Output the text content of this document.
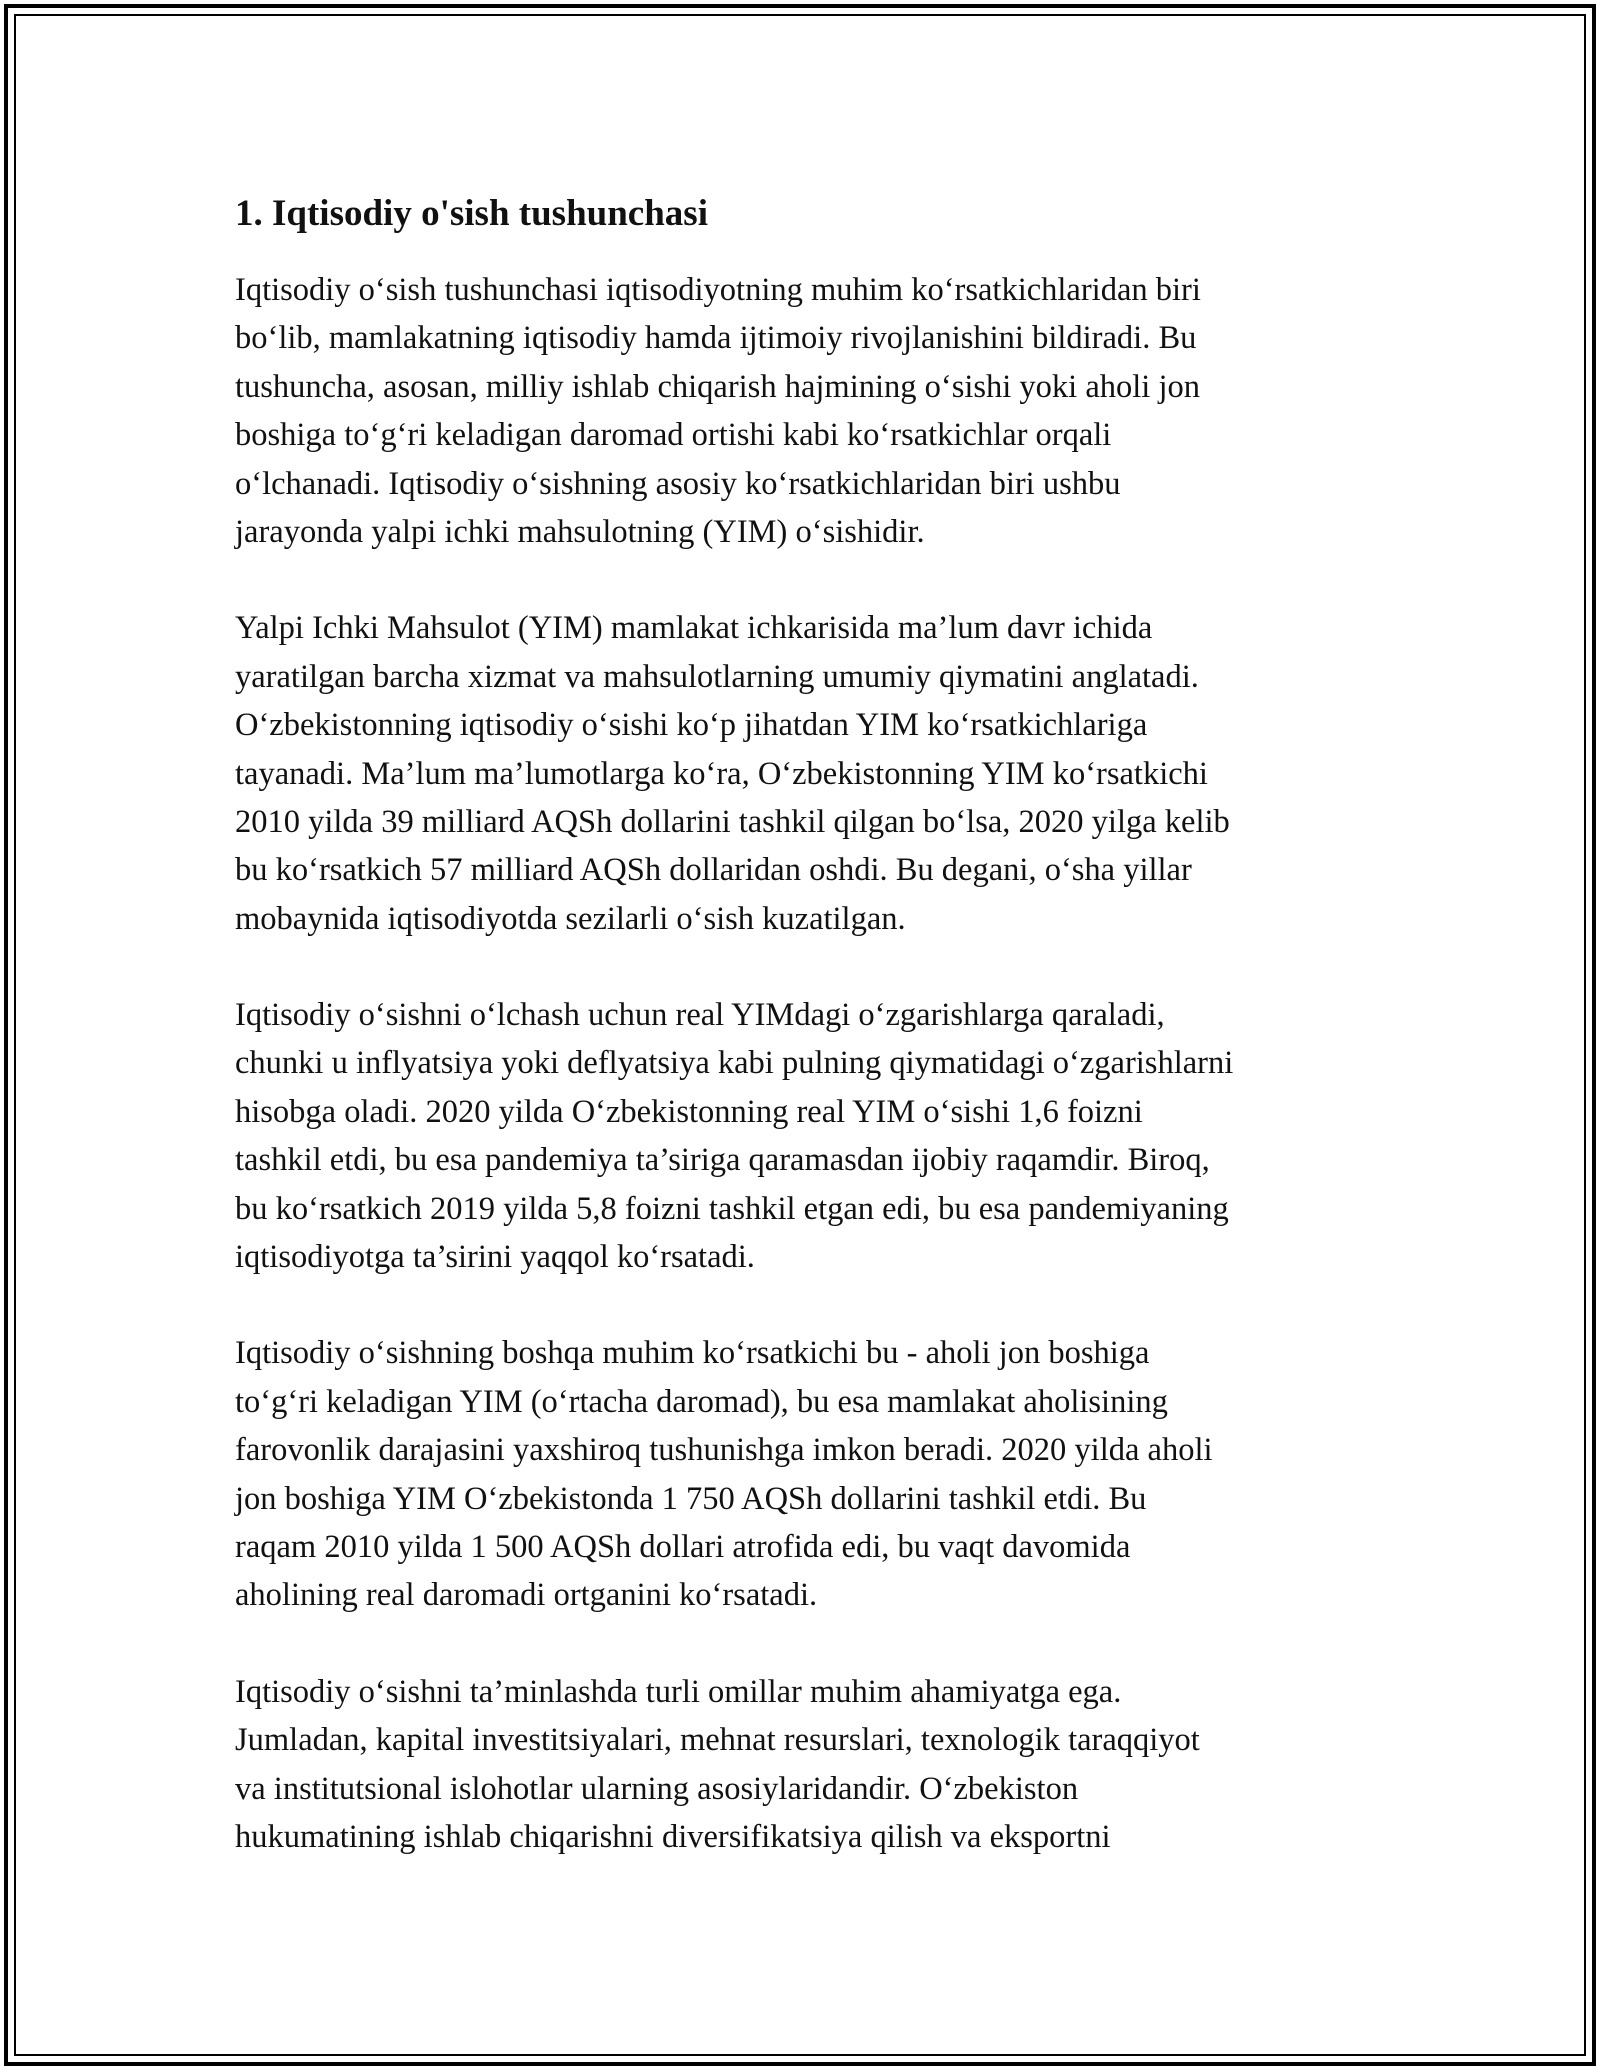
1. Iqtisodiy o'sish tushunchasi

Iqtisodiy o‘sish tushunchasi iqtisodiyotning muhim ko‘rsatkichlaridan biri
bo‘lib, mamlakatning iqtisodiy hamda ijtimoiy rivojlanishini bildiradi. Bu
tushuncha, asosan, milliy ishlab chiqarish hajmining o‘sishi yoki aholi jon
boshiga to‘g‘ri keladigan daromad ortishi kabi ko‘rsatkichlar orqali
o‘lchanadi. Iqtisodiy o‘sishning asosiy ko‘rsatkichlaridan biri ushbu
jarayonda yalpi ichki mahsulotning (YIM) o‘sishidir.

Yalpi Ichki Mahsulot (YIM) mamlakat ichkarisida ma’lum davr ichida
yaratilgan barcha xizmat va mahsulotlarning umumiy qiymatini anglatadi.
O‘zbekistonning iqtisodiy o‘sishi ko‘p jihatdan YIM ko‘rsatkichlariga
tayanadi. Ma’lum ma’lumotlarga ko‘ra, O‘zbekistonning YIM ko‘rsatkichi
2010 yilda 39 milliard AQSh dollarini tashkil qilgan bo‘lsa, 2020 yilga kelib
bu ko‘rsatkich 57 milliard AQSh dollaridan oshdi. Bu degani, o‘sha yillar
mobaynida iqtisodiyotda sezilarli o‘sish kuzatilgan.

Iqtisodiy o‘sishni o‘lchash uchun real YIMdagi o‘zgarishlarga qaraladi,
chunki u inflyatsiya yoki deflyatsiya kabi pulning qiymatidagi o‘zgarishlarni
hisobga oladi. 2020 yilda O‘zbekistonning real YIM o‘sishi 1,6 foizni
tashkil etdi, bu esa pandemiya ta’siriga qaramasdan ijobiy raqamdir. Biroq,
bu ko‘rsatkich 2019 yilda 5,8 foizni tashkil etgan edi, bu esa pandemiyaning
iqtisodiyotga ta’sirini yaqqol ko‘rsatadi.

Iqtisodiy o‘sishning boshqa muhim ko‘rsatkichi bu - aholi jon boshiga
to‘g‘ri keladigan YIM (o‘rtacha daromad), bu esa mamlakat aholisining
farovonlik darajasini yaxshiroq tushunishga imkon beradi. 2020 yilda aholi
jon boshiga YIM O‘zbekistonda 1 750 AQSh dollarini tashkil etdi. Bu
raqam 2010 yilda 1 500 AQSh dollari atrofida edi, bu vaqt davomida
aholining real daromadi ortganini ko‘rsatadi.

Iqtisodiy o‘sishni ta’minlashda turli omillar muhim ahamiyatga ega.
Jumladan, kapital investitsiyalari, mehnat resurslari, texnologik taraqqiyot
va institutsional islohotlar ularning asosiylaridandir. O‘zbekiston
hukumatining ishlab chiqarishni diversifikatsiya qilish va eksportni
